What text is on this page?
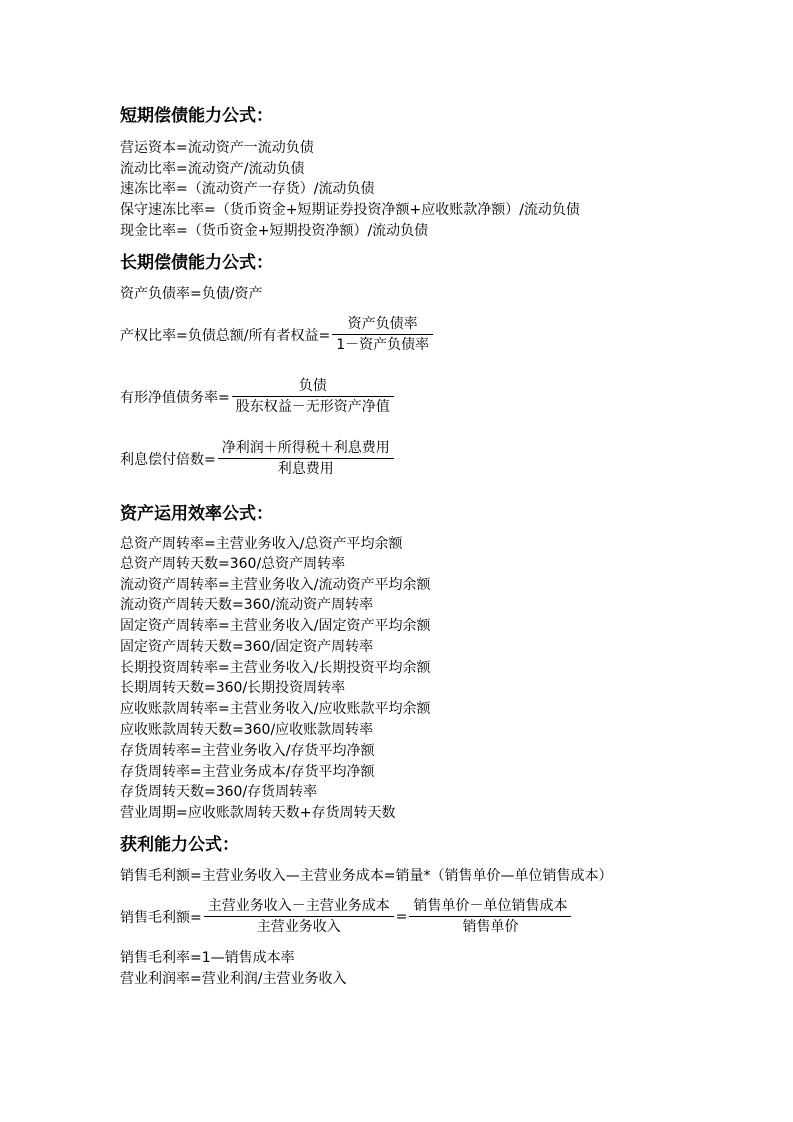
短期偿债能力公式：
营运资本=流动资产一流动负债
流动比率=流动资产/流动负债
速冻比率=（流动资产一存货）/流动负债
保守速冻比率=（货币资金+短期证券投资净额+应收账款净额）/流动负债
现金比率=（货币资金+短期投资净额）/流动负债
长期偿债能力公式：
资产负债率=负债/资产
产权比率=负债总额/所有者权益= $\frac{\text{资产负债率}}{\text{1－资产负债率}}$
有形净值债务率= $\frac{\text{负债}}{\text{股东权益－无形资产净值}}$
利息偿付倍数= $\frac{\text{净利润＋所得税＋利息费用}}{\text{利息费用}}$
资产运用效率公式：
总资产周转率=主营业务收入/总资产平均余额
总资产周转天数=360/总资产周转率
流动资产周转率=主营业务收入/流动资产平均余额
流动资产周转天数=360/流动资产周转率
固定资产周转率=主营业务收入/固定资产平均余额
固定资产周转天数=360/固定资产周转率
长期投资周转率=主营业务收入/长期投资平均余额
长期周转天数=360/长期投资周转率
应收账款周转率=主营业务收入/应收账款平均余额
应收账款周转天数=360/应收账款周转率
存货周转率=主营业务收入/存货平均净额
存货周转率=主营业务成本/存货平均净额
存货周转天数=360/存货周转率
营业周期=应收账款周转天数+存货周转天数
获利能力公式：
销售毛利额=主营业务收入—主营业务成本=销量*（销售单价—单位销售成本）
销售毛利额= $\frac{\text{主营业务收入－主营业务成本}}{\text{主营业务收入}} = \frac{\text{销售单价－单位销售成本}}{\text{销售单价}}$
销售毛利率=1—销售成本率
营业利润率=营业利润/主营业务收入
